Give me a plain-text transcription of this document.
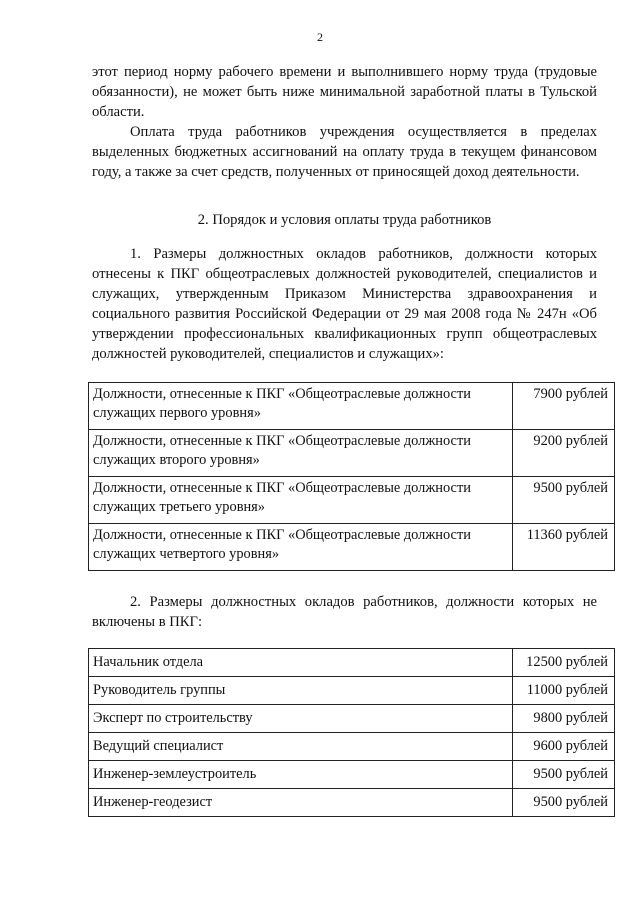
2

этот период норму рабочего времени и выполнившего норму труда (трудовые обязанности), не может быть ниже минимальной заработной платы в Тульской области.

Оплата труда работников учреждения осуществляется в пределах выделенных бюджетных ассигнований на оплату труда в текущем финансовом году, а также за счет средств, полученных от приносящей доход деятельности.

2. Порядок и условия оплаты труда работников

1. Размеры должностных окладов работников, должности которых отнесены к ПКГ общеотраслевых должностей руководителей, специалистов и служащих, утвержденным Приказом Министерства здравоохранения и социального развития Российской Федерации от 29 мая 2008 года № 247н «Об утверждении профессиональных квалификационных групп общеотраслевых должностей руководителей, специалистов и служащих»:

Должности, отнесенные к ПКГ «Общеотраслевые должности служащих первого уровня»	7900 рублей
Должности, отнесенные к ПКГ «Общеотраслевые должности служащих второго уровня»	9200 рублей
Должности, отнесенные к ПКГ «Общеотраслевые должности служащих третьего уровня»	9500 рублей
Должности, отнесенные к ПКГ «Общеотраслевые должности служащих четвертого уровня»	11360 рублей

2. Размеры должностных окладов работников, должности которых не включены в ПКГ:

Начальник отдела	12500 рублей
Руководитель группы	11000 рублей
Эксперт по строительству	9800 рублей
Ведущий специалист	9600 рублей
Инженер-землеустроитель	9500 рублей
Инженер-геодезист	9500 рублей
